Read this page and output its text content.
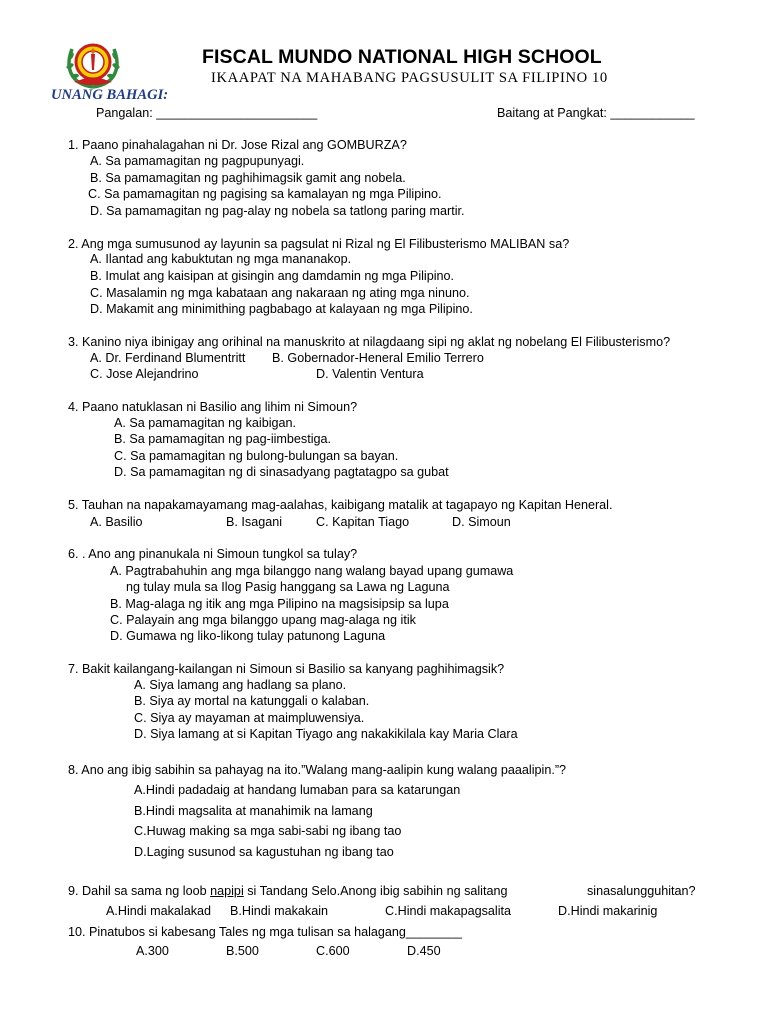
FISCAL MUNDO NATIONAL HIGH SCHOOL
IKAAPAT NA MAHABANG PAGSUSULIT SA FILIPINO 10
UNANG BAHAGI:
Pangalan: _______________________	Baitang at Pangkat: ____________
1. Paano pinahalagahan ni Dr. Jose Rizal ang GOMBURZA?
A. Sa pamamagitan ng pagpupunyagi.
B. Sa pamamagitan ng paghihimagsik gamit ang nobela.
C. Sa pamamagitan ng pagising sa kamalayan ng mga Pilipino.
D. Sa pamamagitan ng pag-alay ng nobela sa tatlong paring martir.
2. Ang mga sumusunod ay layunin sa pagsulat ni Rizal ng El Filibusterismo MALIBAN sa?
A. Ilantad ang kabuktutan ng mga mananakop.
B. Imulat ang kaisipan at gisingin ang damdamin ng mga Pilipino.
C. Masalamin ng mga kabataan ang nakaraan ng ating mga ninuno.
D. Makamit ang minimithing pagbabago at kalayaan ng mga Pilipino.
3. Kanino niya ibinigay ang orihinal na manuskrito at nilagdaang sipi ng aklat ng nobelang El Filibusterismo?
A. Dr. Ferdinand Blumentritt B. Gobernador-Heneral Emilio Terrero
C. Jose Alejandrino	D. Valentin Ventura
4. Paano natuklasan ni Basilio ang lihim ni Simoun?
A. Sa pamamagitan ng kaibigan.
B. Sa pamamagitan ng pag-iimbestiga.
C. Sa pamamagitan ng bulong-bulungan sa bayan.
D. Sa pamamagitan ng di sinasadyang pagtatagpo sa gubat
5. Tauhan na napakamayamang mag-aalahas, kaibigang matalik at tagapayo ng Kapitan Heneral.
A. Basilio	B. Isagani	C. Kapitan Tiago	D. Simoun
6. . Ano ang pinanukala ni Simoun tungkol sa tulay?
A. Pagtrabahuhin ang mga bilanggo nang walang bayad upang gumawa
ng tulay mula sa Ilog Pasig hanggang sa Lawa ng Laguna
B. Mag-alaga ng itik ang mga Pilipino na magsisipsip sa lupa
C. Palayain ang mga bilanggo upang mag-alaga ng itik
D. Gumawa ng liko-likong tulay patunong Laguna
7. Bakit kailangang-kailangan ni Simoun si Basilio sa kanyang paghihimagsik?
A. Siya lamang ang hadlang sa plano.
B. Siya ay mortal na katunggali o kalaban.
C. Siya ay mayaman at maimpluwensiya.
D. Siya lamang at si Kapitan Tiyago ang nakakikilala kay Maria Clara
8. Ano ang ibig sabihin sa pahayag na ito.”Walang mang-aalipin kung walang paaalipin.”?
A.Hindi padadaig at handang lumaban para sa katarungan
B.Hindi magsalita at manahimik na lamang
C.Huwag making sa mga sabi-sabi ng ibang tao
D.Laging susunod sa kagustuhan ng ibang tao
9. Dahil sa sama ng loob napipi si Tandang Selo.Anong ibig sabihin ng salitang	sinasalungguhitan?
A.Hindi makalakad B.Hindi makakain	C.Hindi makapagsalita	D.Hindi makarinig
10. Pinatubos si kabesang Tales ng mga tulisan sa halagang________
A.300	B.500	C.600	D.450
